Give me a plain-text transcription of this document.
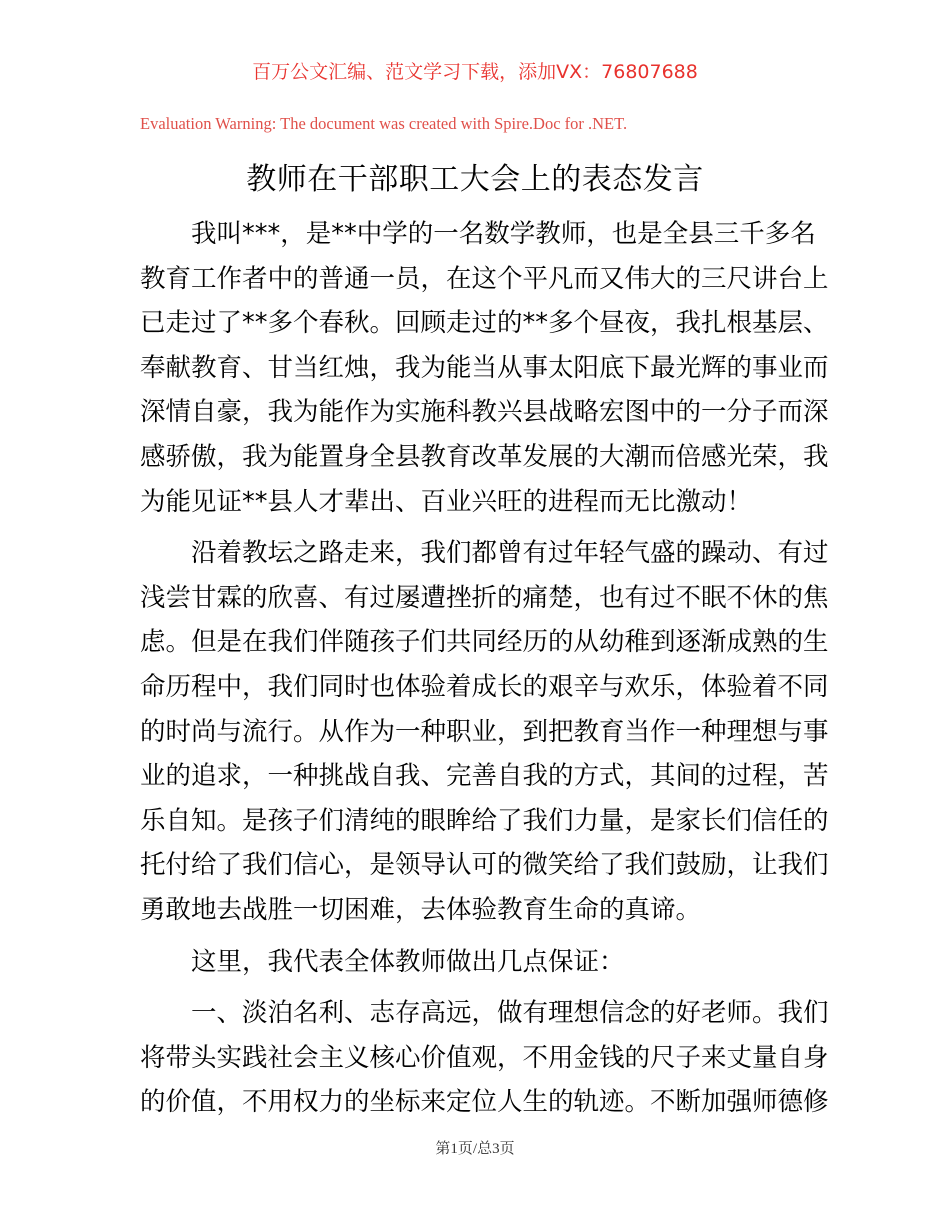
百万公文汇编、范文学习下载，添加VX：76807688
Evaluation Warning: The document was created with Spire.Doc for .NET.
教师在干部职工大会上的表态发言
我叫***，是**中学的一名数学教师，也是全县三千多名
教育工作者中的普通一员，在这个平凡而又伟大的三尺讲台上
已走过了**多个春秋。回顾走过的**多个昼夜，我扎根基层、
奉献教育、甘当红烛，我为能当从事太阳底下最光辉的事业而
深情自豪，我为能作为实施科教兴县战略宏图中的一分子而深
感骄傲，我为能置身全县教育改革发展的大潮而倍感光荣，我
为能见证**县人才辈出、百业兴旺的进程而无比激动！
沿着教坛之路走来，我们都曾有过年轻气盛的躁动、有过
浅尝甘霖的欣喜、有过屡遭挫折的痛楚，也有过不眠不休的焦
虑。但是在我们伴随孩子们共同经历的从幼稚到逐渐成熟的生
命历程中，我们同时也体验着成长的艰辛与欢乐，体验着不同
的时尚与流行。从作为一种职业，到把教育当作一种理想与事
业的追求，一种挑战自我、完善自我的方式，其间的过程，苦
乐自知。是孩子们清纯的眼眸给了我们力量，是家长们信任的
托付给了我们信心，是领导认可的微笑给了我们鼓励，让我们
勇敢地去战胜一切困难，去体验教育生命的真谛。
这里，我代表全体教师做出几点保证：
一、淡泊名利、志存高远，做有理想信念的好老师。我们
将带头实践社会主义核心价值观，不用金钱的尺子来丈量自身
的价值，不用权力的坐标来定位人生的轨迹。不断加强师德修
第1页/总3页
